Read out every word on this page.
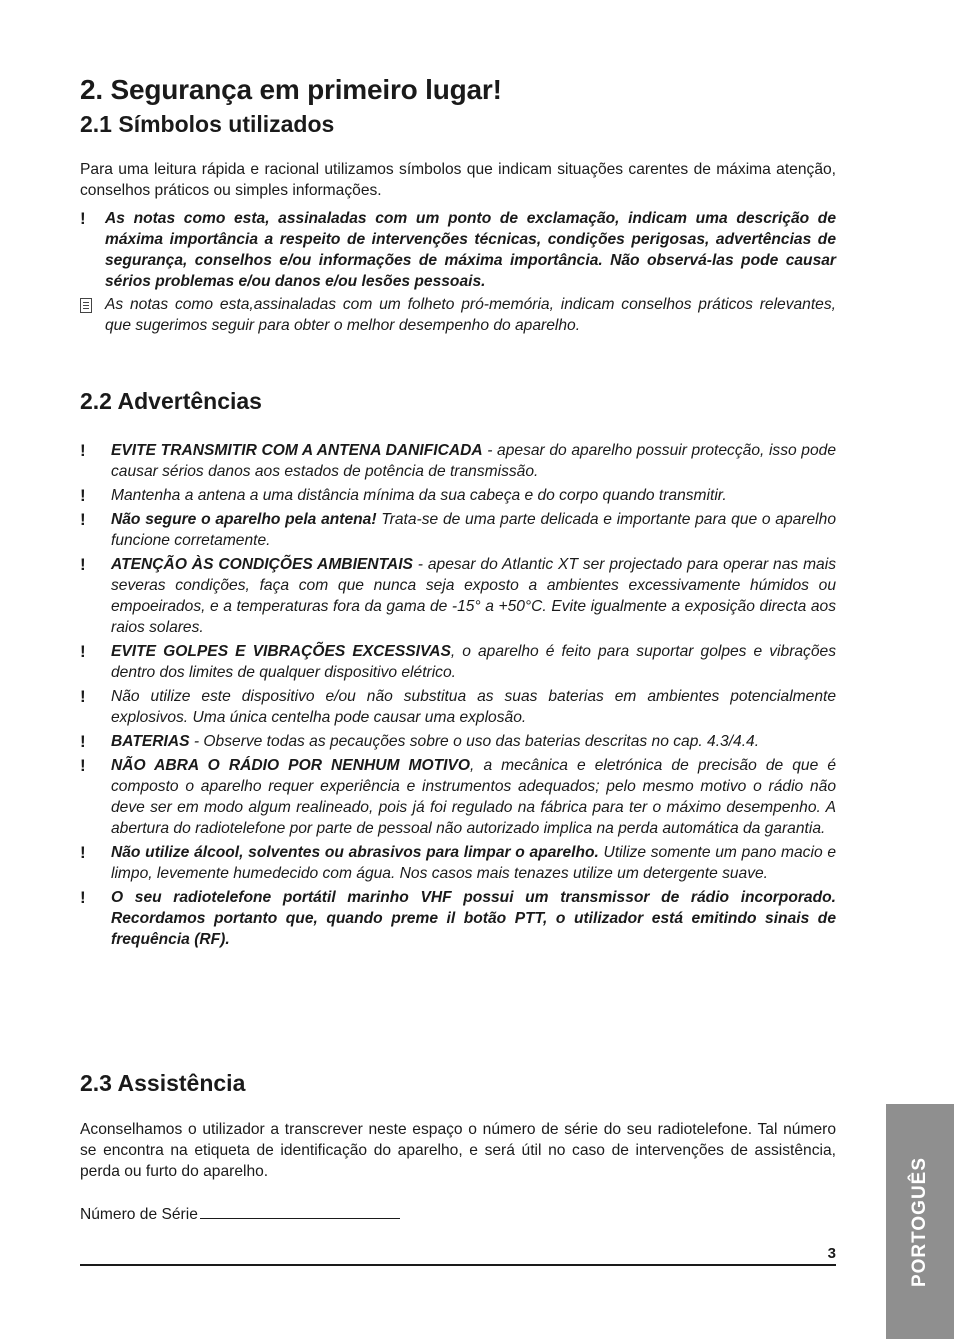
2. Segurança em primeiro lugar!
2.1 Símbolos utilizados

Para uma leitura rápida e racional utilizamos símbolos que indicam situações carentes de máxima atenção, conselhos práticos ou simples informações.

!	As notas como esta, assinaladas com um ponto de exclamação, indicam uma descrição de máxima importância a respeito de intervenções técnicas, condições perigosas, advertências de segurança, conselhos e/ou informações de máxima importância. Não observá-las pode causar sérios problemas e/ou danos e/ou lesões pessoais.
As notas como esta,assinaladas com um folheto pró-memória, indicam conselhos práticos relevantes, que sugerimos seguir para obter o melhor desempenho do aparelho.
2.2 Advertências
!	EVITE TRANSMITIR COM A ANTENA DANIFICADA - apesar do aparelho possuir protecção, isso pode causar sérios danos aos estados de potência de transmissão.
!	Mantenha a antena a uma distância mínima da sua cabeça e do corpo quando transmitir.
!	Não segure o aparelho pela antena! Trata-se de uma parte delicada e importante para que o aparelho funcione corretamente.
!	ATENÇÃO ÀS CONDIÇÕES AMBIENTAIS - apesar do Atlantic XT ser projectado para operar nas mais severas condições, faça com que nunca seja exposto a ambientes excessivamente húmidos ou empoeirados, e a temperaturas fora da gama de -15° a +50°C. Evite igualmente a exposição directa aos raios solares.
!	EVITE GOLPES E VIBRAÇÕES EXCESSIVAS, o aparelho é feito para suportar golpes e vibrações dentro dos limites de qualquer dispositivo elétrico.
!	Não utilize este dispositivo e/ou não substitua as suas baterias em ambientes potencialmente explosivos. Uma única centelha pode causar uma explosão.
!	BATERIAS - Observe todas as pecauções sobre o uso das baterias descritas no cap. 4.3/4.4.
!	NÃO ABRA O RÁDIO POR NENHUM MOTIVO, a mecânica e eletrónica de precisão de que é composto o aparelho requer experiência e instrumentos adequados; pelo mesmo motivo o rádio não deve ser em modo algum realineado, pois já foi regulado na fábrica para ter o máximo desempenho. A abertura do radiotelefone por parte de pessoal não autorizado implica na perda automática da garantia.
!	Não utilize álcool, solventes ou abrasivos para limpar o aparelho. Utilize somente um pano macio e limpo, levemente humedecido com água. Nos casos mais tenazes utilize um detergente suave.
!	O seu radiotelefone portátil marinho VHF possui um transmissor de rádio incorporado. Recordamos portanto que, quando preme il botão PTT, o utilizador está emitindo sinais de frequência (RF).
2.3 Assistência

Aconselhamos o utilizador a transcrever neste espaço o número de série do seu radiotelefone. Tal número se encontra na etiqueta de identificação do aparelho, e será útil no caso de intervenções de assistência, perda ou furto do aparelho.

Número de Série
3	PORTOGUÊS
